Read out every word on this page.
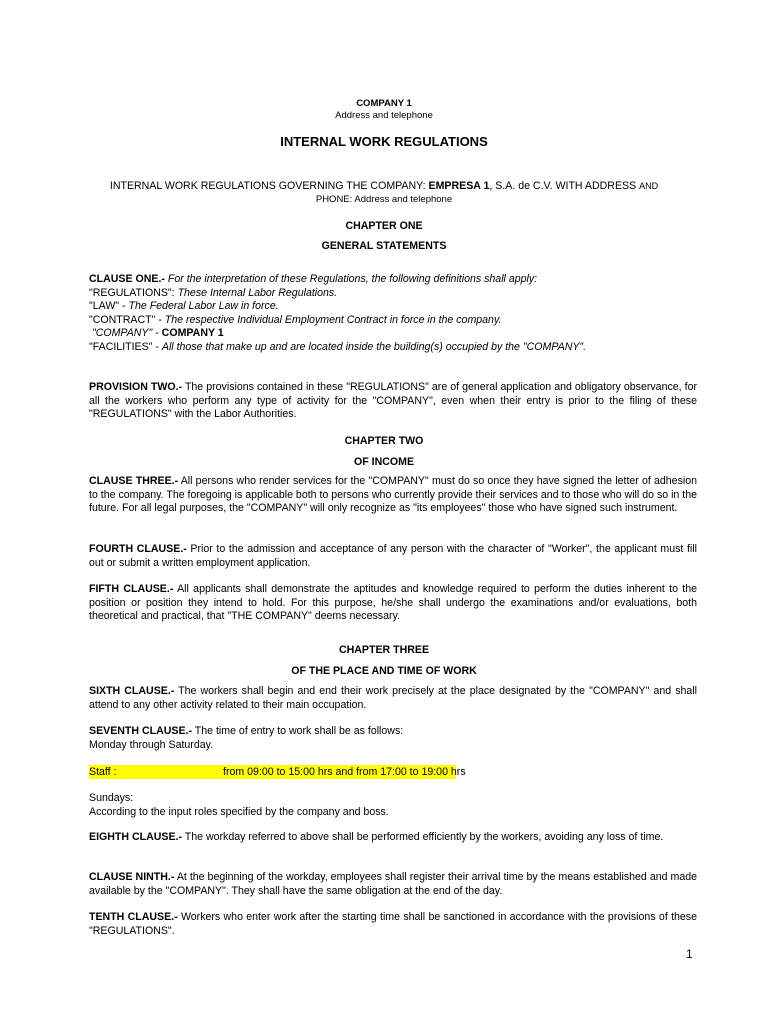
COMPANY 1
Address and telephone
INTERNAL WORK REGULATIONS
INTERNAL WORK REGULATIONS GOVERNING THE COMPANY: EMPRESA 1, S.A. de C.V. WITH ADDRESS AND
PHONE: Address and telephone
CHAPTER ONE
GENERAL STATEMENTS
CLAUSE ONE.- For the interpretation of these Regulations, the following definitions shall apply:
"REGULATIONS": These Internal Labor Regulations.
"LAW" - The Federal Labor Law in force.
"CONTRACT" - The respective Individual Employment Contract in force in the company.
"COMPANY" - COMPANY 1
"FACILITIES" - All those that make up and are located inside the building(s) occupied by the "COMPANY".
PROVISION TWO.- The provisions contained in these "REGULATIONS" are of general application and obligatory observance, for all the workers who perform any type of activity for the "COMPANY", even when their entry is prior to the filing of these "REGULATIONS" with the Labor Authorities.
CHAPTER TWO
OF INCOME
CLAUSE THREE.- All persons who render services for the "COMPANY" must do so once they have signed the letter of adhesion to the company. The foregoing is applicable both to persons who currently provide their services and to those who will do so in the future. For all legal purposes, the "COMPANY" will only recognize as "its employees" those who have signed such instrument.
FOURTH CLAUSE.- Prior to the admission and acceptance of any person with the character of "Worker", the applicant must fill out or submit a written employment application.
FIFTH CLAUSE.- All applicants shall demonstrate the aptitudes and knowledge required to perform the duties inherent to the position or position they intend to hold. For this purpose, he/she shall undergo the examinations and/or evaluations, both theoretical and practical, that "THE COMPANY" deems necessary.
CHAPTER THREE
OF THE PLACE AND TIME OF WORK
SIXTH CLAUSE.- The workers shall begin and end their work precisely at the place designated by the "COMPANY" and shall attend to any other activity related to their main occupation.
SEVENTH CLAUSE.- The time of entry to work shall be as follows:
Monday through Saturday.
Staff :	from 09:00 to 15:00 hrs and from 17:00 to 19:00 hrs
Sundays:
According to the input roles specified by the company and boss.
EIGHTH CLAUSE.- The workday referred to above shall be performed efficiently by the workers, avoiding any loss of time.
CLAUSE NINTH.- At the beginning of the workday, employees shall register their arrival time by the means established and made available by the "COMPANY". They shall have the same obligation at the end of the day.
TENTH CLAUSE.- Workers who enter work after the starting time shall be sanctioned in accordance with the provisions of these "REGULATIONS".
1
